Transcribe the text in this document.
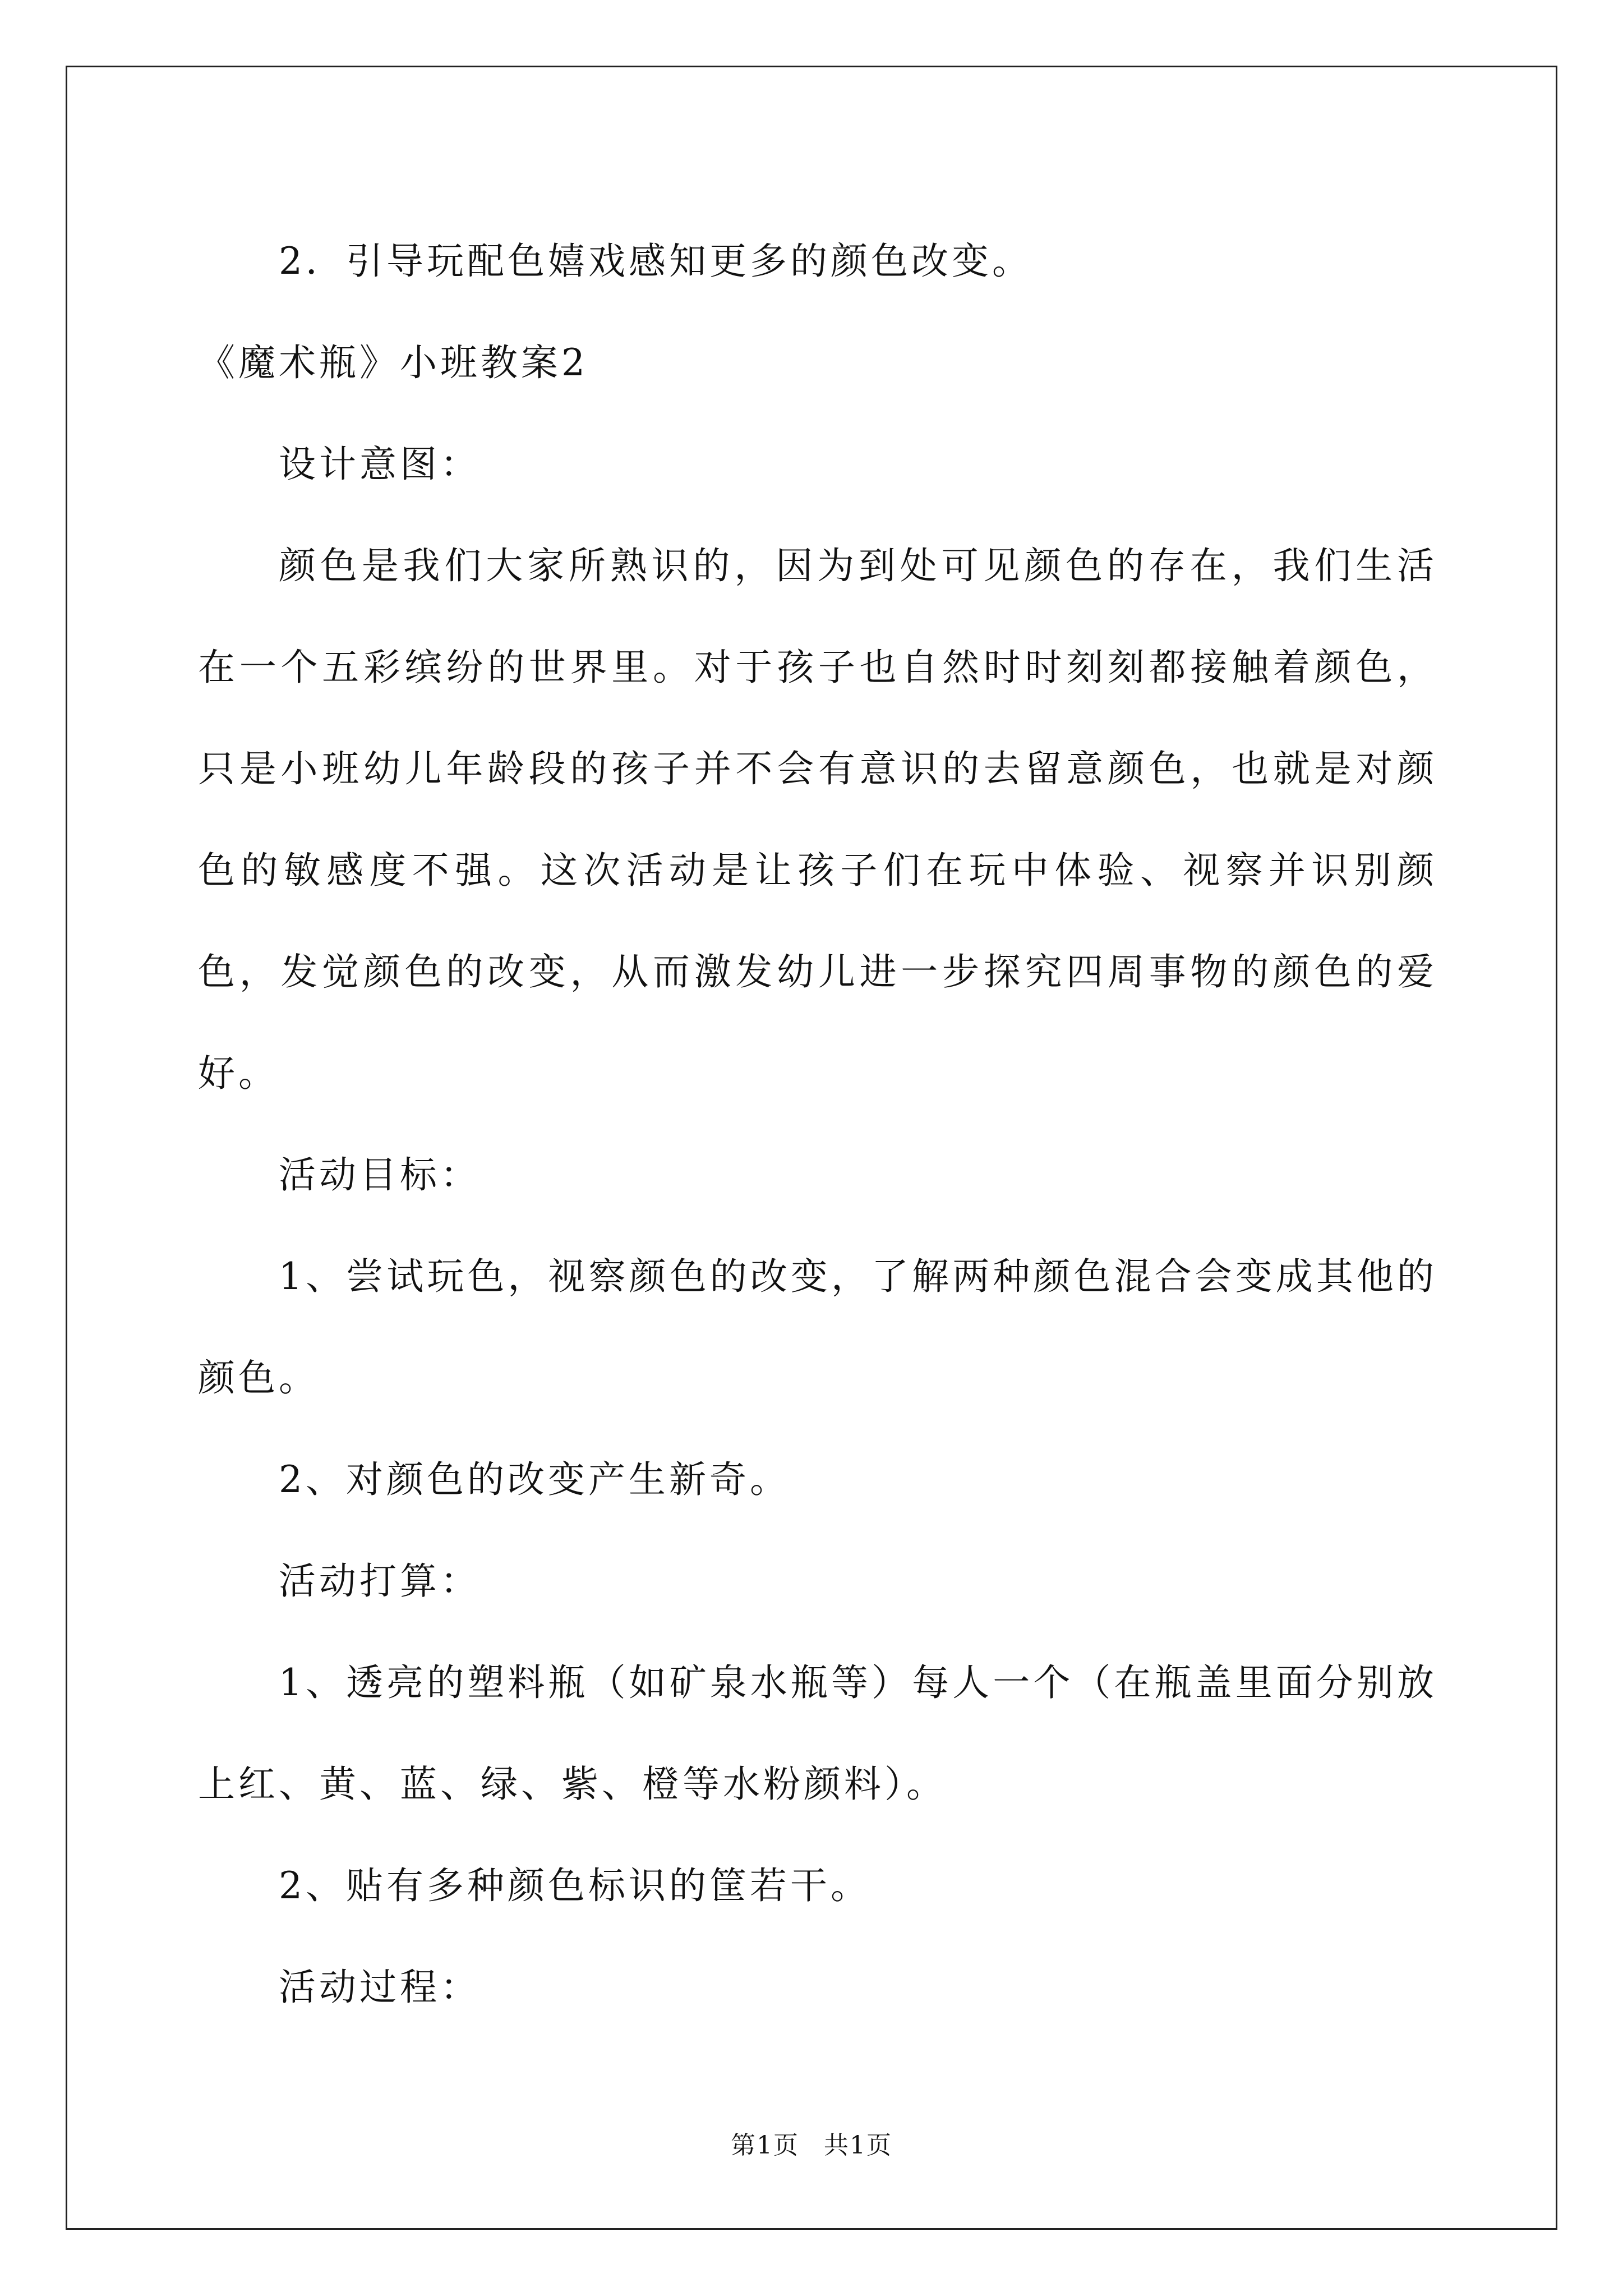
2．引导玩配色嬉戏感知更多的颜色改变。

《魔术瓶》小班教案2

设计意图：

颜色是我们大家所熟识的，因为到处可见颜色的存在，我们生活在一个五彩缤纷的世界里。对于孩子也自然时时刻刻都接触着颜色，只是小班幼儿年龄段的孩子并不会有意识的去留意颜色，也就是对颜色的敏感度不强。这次活动是让孩子们在玩中体验、视察并识别颜色，发觉颜色的改变，从而激发幼儿进一步探究四周事物的颜色的爱好。

活动目标：

1、尝试玩色，视察颜色的改变，了解两种颜色混合会变成其他的颜色。

2、对颜色的改变产生新奇。

活动打算：

1、透亮的塑料瓶（如矿泉水瓶等）每人一个（在瓶盖里面分别放上红、黄、蓝、绿、紫、橙等水粉颜料）。

2、贴有多种颜色标识的筐若干。

活动过程：

第1页 共1页
